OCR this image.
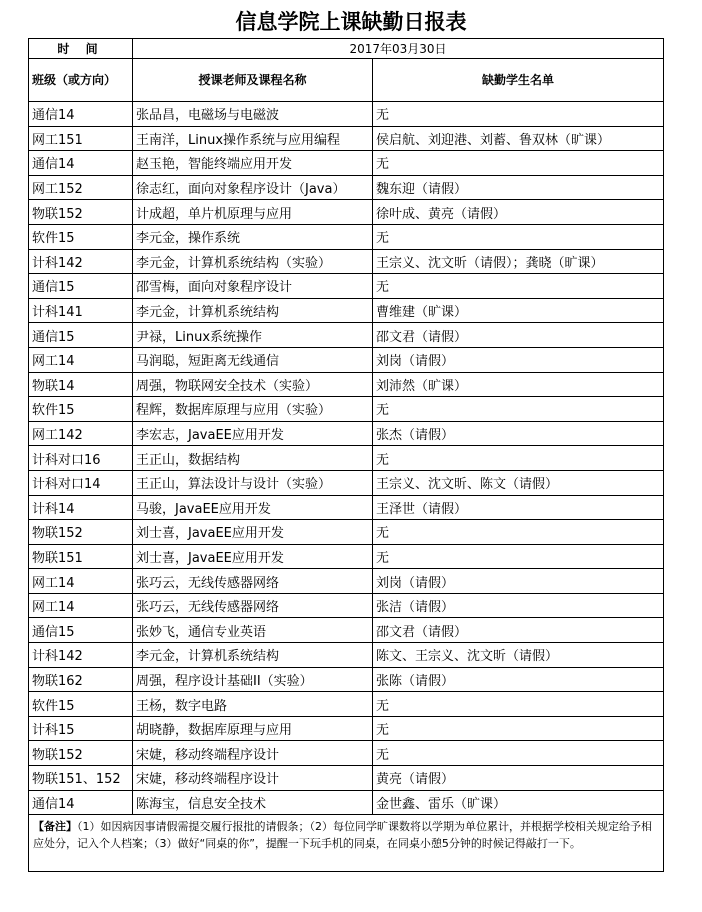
信息学院上课缺勤日报表
时 间	2017年03月30日	
班级（或方向）	授课老师及课程名称	缺勤学生名单
通信14	张品昌，电磁场与电磁波	无
网工151	王南洋，Linux操作系统与应用编程	侯启航、刘迎港、刘蓄、鲁双林（旷课）
通信14	赵玉艳，智能终端应用开发	无
网工152	徐志红，面向对象程序设计（Java）	魏东迎（请假）
物联152	计成超，单片机原理与应用	徐叶成、黄亮（请假）
软件15	李元金，操作系统	无
计科142	李元金，计算机系统结构（实验）	王宗义、沈文昕（请假）；龚晓（旷课）
通信15	邵雪梅，面向对象程序设计	无
计科141	李元金，计算机系统结构	曹维建（旷课）
通信15	尹禄，Linux系统操作	邵文君（请假）
网工14	马润聪，短距离无线通信	刘岗（请假）
物联14	周强，物联网安全技术（实验）	刘沛然（旷课）
软件15	程辉，数据库原理与应用（实验）	无
网工142	李宏志，JavaEE应用开发	张杰（请假）
计科对口16	王正山，数据结构	无
计科对口14	王正山，算法设计与设计（实验）	王宗义、沈文昕、陈文（请假）
计科14	马骏，JavaEE应用开发	王泽世（请假）
物联152	刘士喜，JavaEE应用开发	无
物联151	刘士喜，JavaEE应用开发	无
网工14	张巧云，无线传感器网络	刘岗（请假）
网工14	张巧云，无线传感器网络	张洁（请假）
通信15	张妙飞，通信专业英语	邵文君（请假）
计科142	李元金，计算机系统结构	陈文、王宗义、沈文昕（请假）
物联162	周强，程序设计基础II（实验）	张陈（请假）
软件15	王杨，数字电路	无
计科15	胡晓静，数据库原理与应用	无
物联152	宋婕，移动终端程序设计	无
物联151、152	宋婕，移动终端程序设计	黄亮（请假）
通信14	陈海宝，信息安全技术	金世鑫、雷乐（旷课）
【备注】（1）如因病因事请假需提交履行报批的请假条；（2）每位同学旷课数将以学期为单位累计，并根据学校相关规定给予相应处分，记入个人档案；（3）做好“同桌的你”，提醒一下玩手机的同桌，在同桌小憩5分钟的时候记得敲打一下。		
